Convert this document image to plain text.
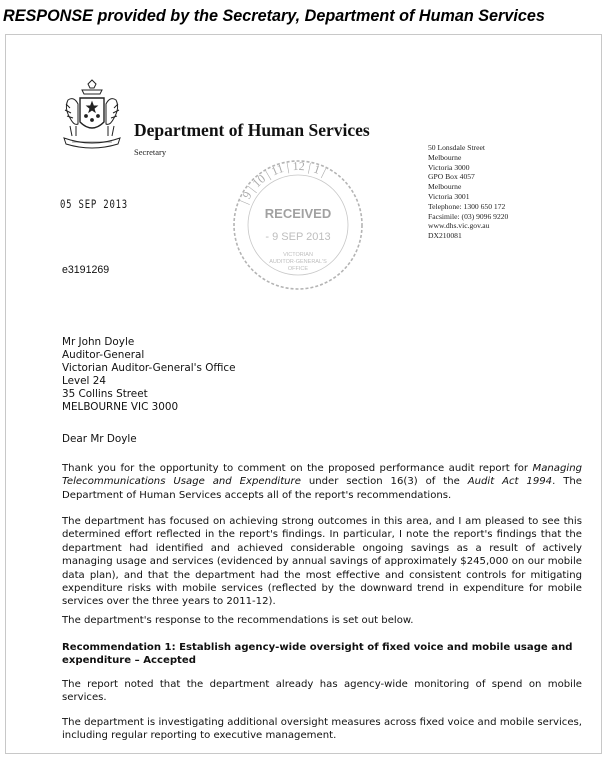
RESPONSE provided by the Secretary, Department of Human Services
Department of Human Services
Secretary	50 Lonsdale Street
Melbourne
Victoria 3000
GPO Box 4057
Melbourne
Victoria 3001
Telephone: 1300 650 172
Facsimile: (03) 9096 9220
www.dhs.vic.gov.au
DX210081
05 SEP 2013	| 9 | 10 | 11 | 12 | 1 |
RECEIVED
- 9 SEP 2013
VICTORIAN
AUDITOR-GENERAL'S
OFFICE
e3191269
Mr John Doyle
Auditor-General
Victorian Auditor-General's Office
Level 24
35 Collins Street
MELBOURNE VIC 3000
Dear Mr Doyle
Thank you for the opportunity to comment on the proposed performance audit report for Managing Telecommunications Usage and Expenditure under section 16(3) of the Audit Act 1994. The Department of Human Services accepts all of the report's recommendations.
The department has focused on achieving strong outcomes in this area, and I am pleased to see this determined effort reflected in the report's findings. In particular, I note the report's findings that the department had identified and achieved considerable ongoing savings as a result of actively managing usage and services (evidenced by annual savings of approximately $245,000 on our mobile data plan), and that the department had the most effective and consistent controls for mitigating expenditure risks with mobile services (reflected by the downward trend in expenditure for mobile services over the three years to 2011-12).
The department's response to the recommendations is set out below.
Recommendation 1: Establish agency-wide oversight of fixed voice and mobile usage and expenditure – Accepted
The report noted that the department already has agency-wide monitoring of spend on mobile services.
The department is investigating additional oversight measures across fixed voice and mobile services, including regular reporting to executive management.
